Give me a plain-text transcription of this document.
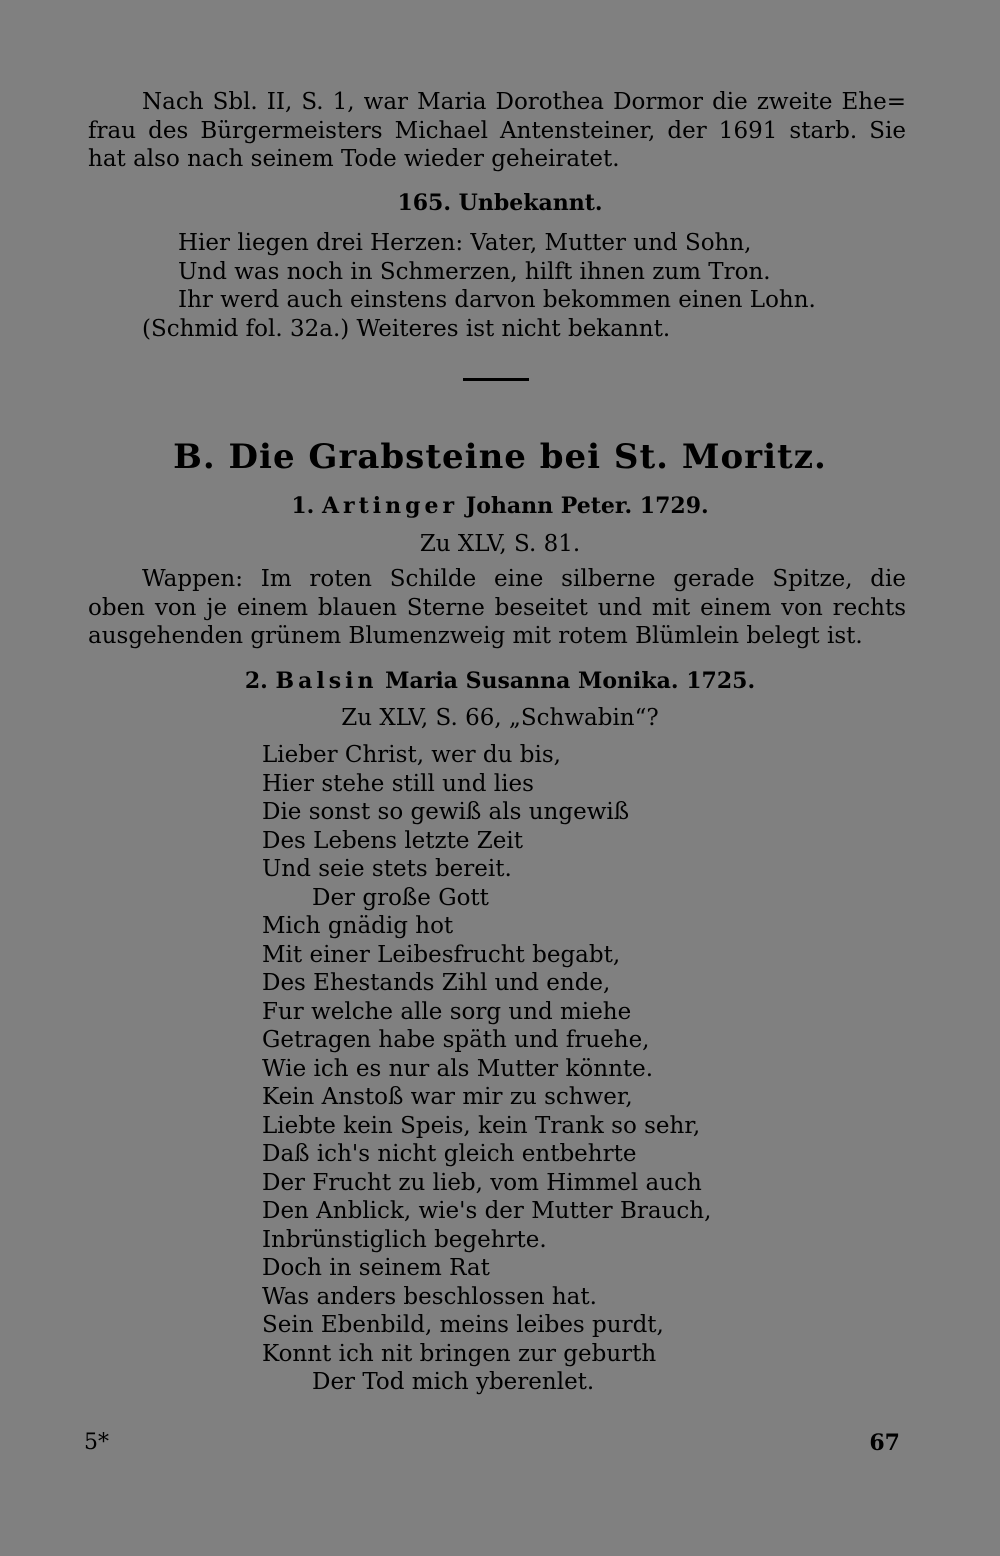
Nach Sbl. II, S. 1, war Maria Dorothea Dormor die zweite Ehe=
frau des Bürgermeisters Michael Antensteiner, der 1691 starb. Sie
hat also nach seinem Tode wieder geheiratet.

165. Unbekannt.

Hier liegen drei Herzen: Vater, Mutter und Sohn,
Und was noch in Schmerzen, hilft ihnen zum Tron.
Ihr werd auch einstens darvon bekommen einen Lohn.

(Schmid fol. 32a.) Weiteres ist nicht bekannt.

B. Die Grabsteine bei St. Moritz.

1. Artinger Johann Peter. 1729.

Zu XLV, S. 81.

Wappen: Im roten Schilde eine silberne gerade Spitze, die
oben von je einem blauen Sterne beseitet und mit einem von rechts
ausgehenden grünem Blumenzweig mit rotem Blümlein belegt ist.

2. Balsin Maria Susanna Monika. 1725.

Zu XLV, S. 66, „Schwabin“?

Lieber Christ, wer du bis,
Hier stehe still und lies
Die sonst so gewiß als ungewiß
Des Lebens letzte Zeit
Und seie stets bereit.
Der große Gott
Mich gnädig hot
Mit einer Leibesfrucht begabt,
Des Ehestands Zihl und ende,
Fur welche alle sorg und miehe
Getragen habe späth und fruehe,
Wie ich es nur als Mutter könnte.
Kein Anstoß war mir zu schwer,
Liebte kein Speis, kein Trank so sehr,
Daß ich's nicht gleich entbehrte
Der Frucht zu lieb, vom Himmel auch
Den Anblick, wie's der Mutter Brauch,
Inbrünstiglich begehrte.
Doch in seinem Rat
Was anders beschlossen hat.
Sein Ebenbild, meins leibes purdt,
Konnt ich nit bringen zur geburth
Der Tod mich yberenlet.

5*	67
